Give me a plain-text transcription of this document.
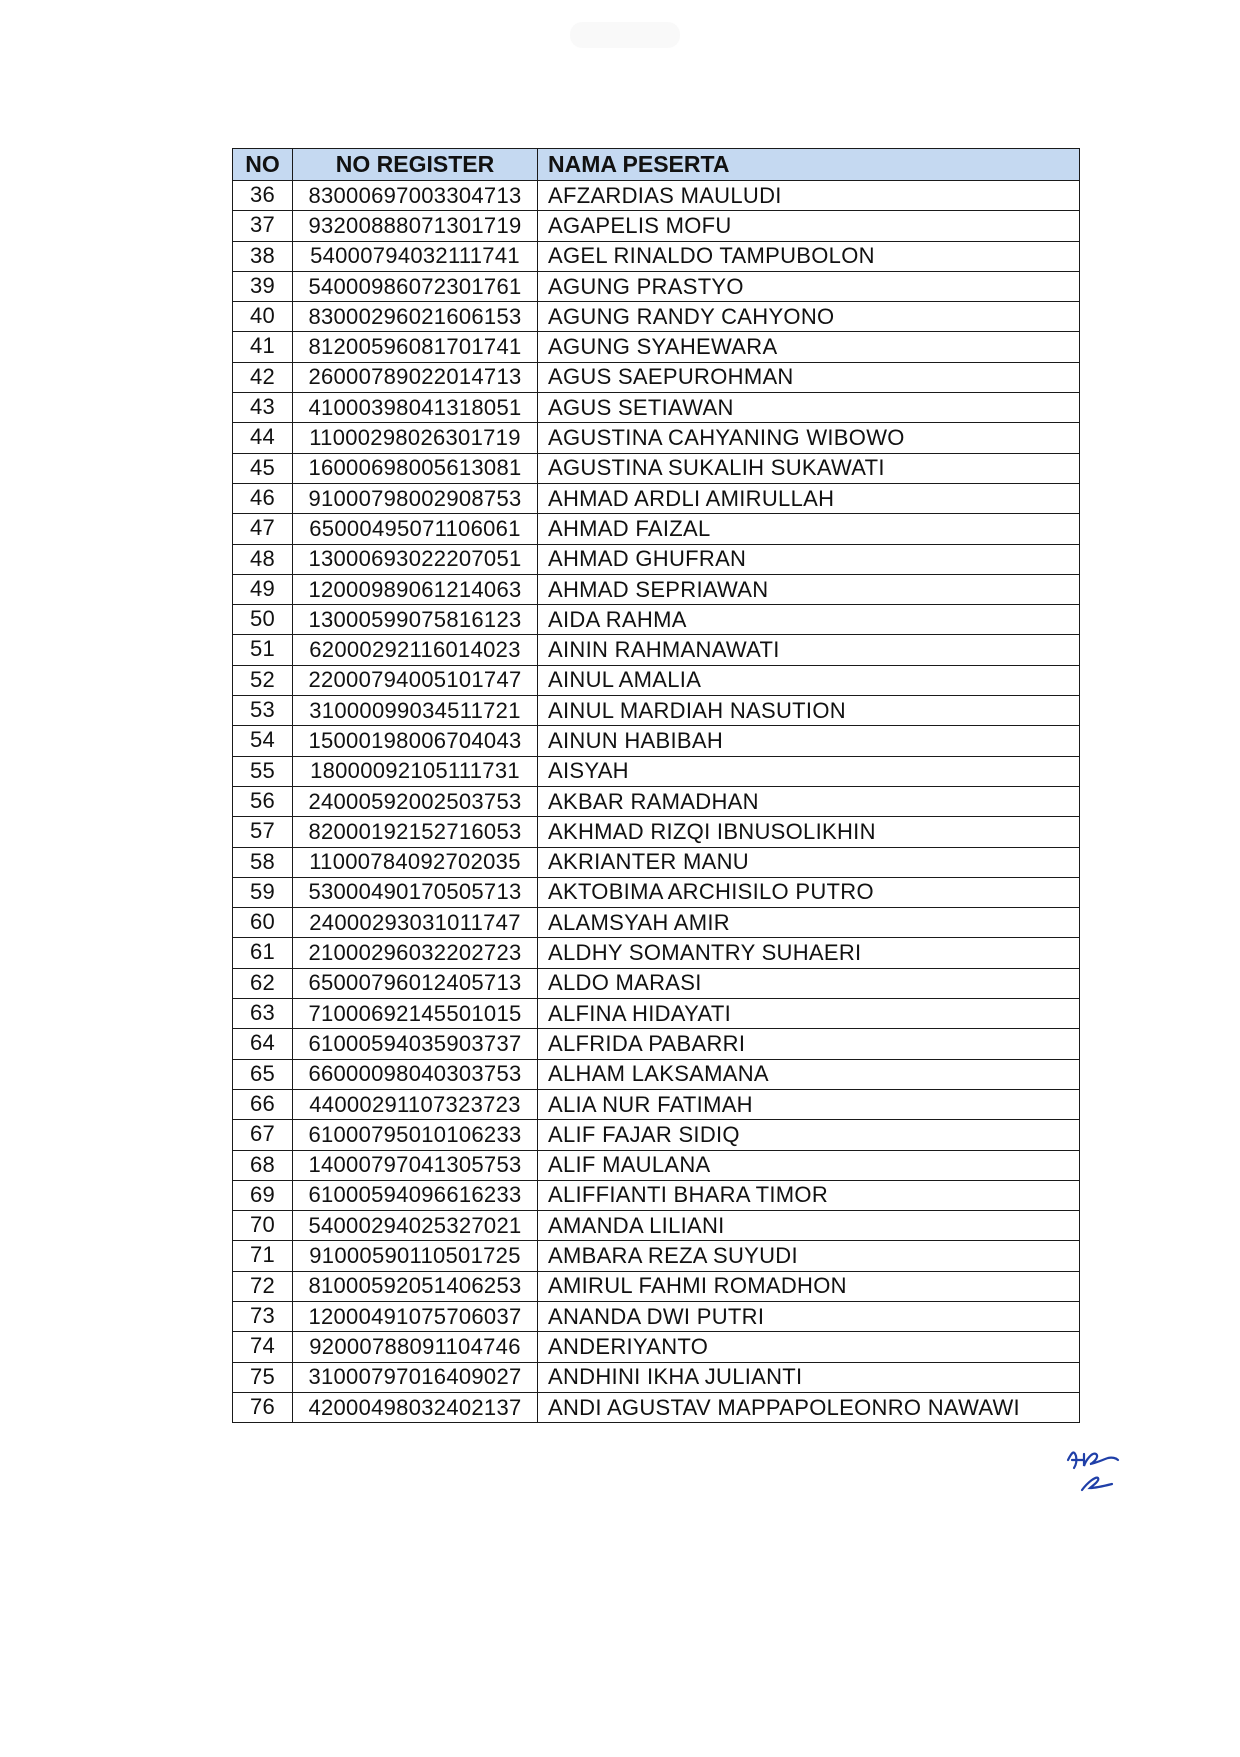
NO	NO REGISTER	NAMA PESERTA
36	83000697003304713	AFZARDIAS MAULUDI
37	93200888071301719	AGAPELIS MOFU
38	54000794032111741	AGEL RINALDO TAMPUBOLON
39	54000986072301761	AGUNG PRASTYO
40	83000296021606153	AGUNG RANDY CAHYONO
41	81200596081701741	AGUNG SYAHEWARA
42	26000789022014713	AGUS SAEPUROHMAN
43	41000398041318051	AGUS SETIAWAN
44	11000298026301719	AGUSTINA CAHYANING WIBOWO
45	16000698005613081	AGUSTINA SUKALIH SUKAWATI
46	91000798002908753	AHMAD ARDLI AMIRULLAH
47	65000495071106061	AHMAD FAIZAL
48	13000693022207051	AHMAD GHUFRAN
49	12000989061214063	AHMAD SEPRIAWAN
50	13000599075816123	AIDA RAHMA
51	62000292116014023	AININ RAHMANAWATI
52	22000794005101747	AINUL AMALIA
53	31000099034511721	AINUL MARDIAH NASUTION
54	15000198006704043	AINUN HABIBAH
55	18000092105111731	AISYAH
56	24000592002503753	AKBAR RAMADHAN
57	82000192152716053	AKHMAD RIZQI IBNUSOLIKHIN
58	11000784092702035	AKRIANTER MANU
59	53000490170505713	AKTOBIMA ARCHISILO PUTRO
60	24000293031011747	ALAMSYAH AMIR
61	21000296032202723	ALDHY SOMANTRY SUHAERI
62	65000796012405713	ALDO MARASI
63	71000692145501015	ALFINA HIDAYATI
64	61000594035903737	ALFRIDA PABARRI
65	66000098040303753	ALHAM LAKSAMANA
66	44000291107323723	ALIA NUR FATIMAH
67	61000795010106233	ALIF FAJAR SIDIQ
68	14000797041305753	ALIF MAULANA
69	61000594096616233	ALIFFIANTI BHARA TIMOR
70	54000294025327021	AMANDA LILIANI
71	91000590110501725	AMBARA REZA SUYUDI
72	81000592051406253	AMIRUL FAHMI ROMADHON
73	12000491075706037	ANANDA DWI PUTRI
74	92000788091104746	ANDERIYANTO
75	31000797016409027	ANDHINI IKHA JULIANTI
76	42000498032402137	ANDI AGUSTAV MAPPAPOLEONRO NAWAWI
